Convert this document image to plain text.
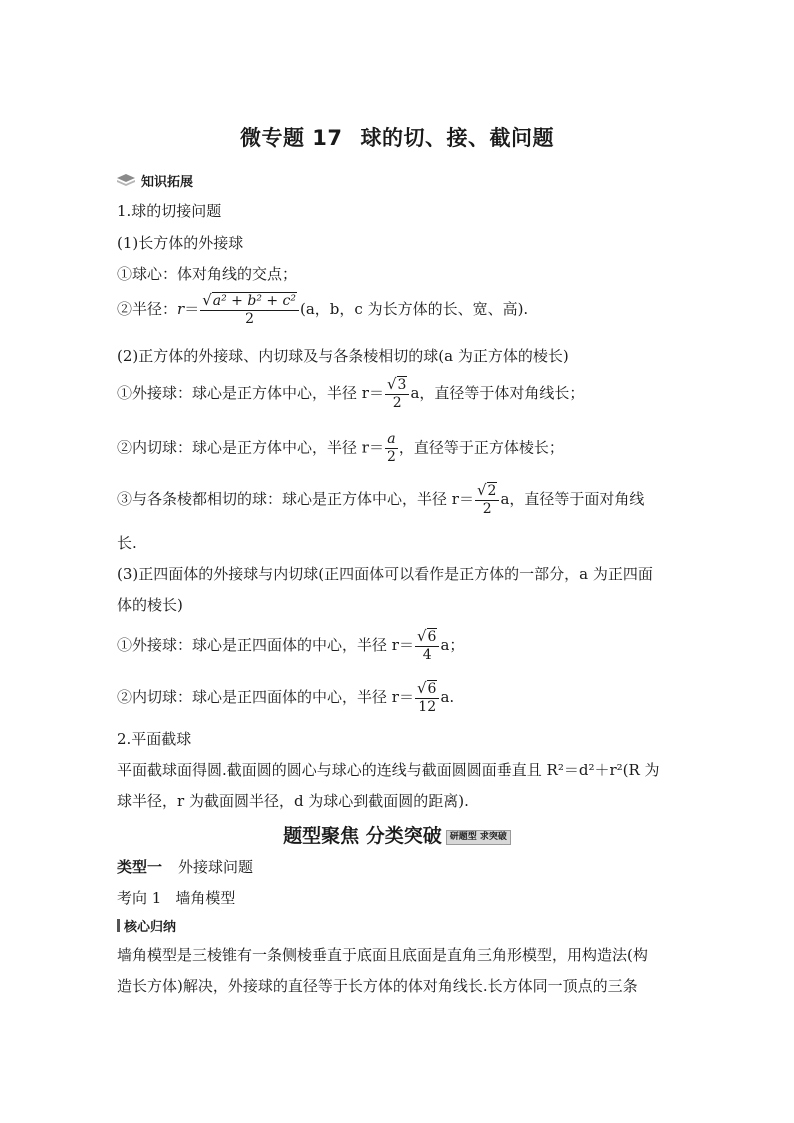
微专题 17 球的切、接、截问题
知识拓展
1.球的切接问题
(1)长方体的外接球
①球心：体对角线的交点；
②半径：$r= \frac{\text{√ a² + b² + c²}}{2} (a$，b，c 为长方体的长、宽、高).
(2)正方体的外接球、内切球及与各条棱相切的球(a 为正方体的棱长)
①外接球：球心是正方体中心，半径 $r= \frac{√ 3}{2}$ a，直径等于体对角线长；
②内切球：球心是正方体中心，半径 $r= \frac{a}{2}$ ，直径等于正方体棱长；
③与各条棱都相切的球：球心是正方体中心，半径 $r= \frac{√ 2}{2}$ a，直径等于面对角线
长.
(3)正四面体的外接球与内切球(正四面体可以看作是正方体的一部分，a 为正四面
体的棱长)
①外接球：球心是正四面体的中心，半径 $r= \frac{√ 6}{4}$ a；
②内切球：球心是正四面体的中心，半径 $r= \frac{√ 6}{12} a$.
2.平面截球
平面截球面得圆.截面圆的圆心与球心的连线与截面圆圆面垂直且 R²＝d²＋r²(R 为
球半径，r 为截面圆半径，d 为球心到截面圆的距离).
题型聚焦 分类突破 研题型 求突破
类型一 外接球问题
考向 1 墙角模型
核心归纳
墙角模型是三棱锥有一条侧棱垂直于底面且底面是直角三角形模型，用构造法(构
造长方体)解决，外接球的直径等于长方体的体对角线长.长方体同一顶点的三条
